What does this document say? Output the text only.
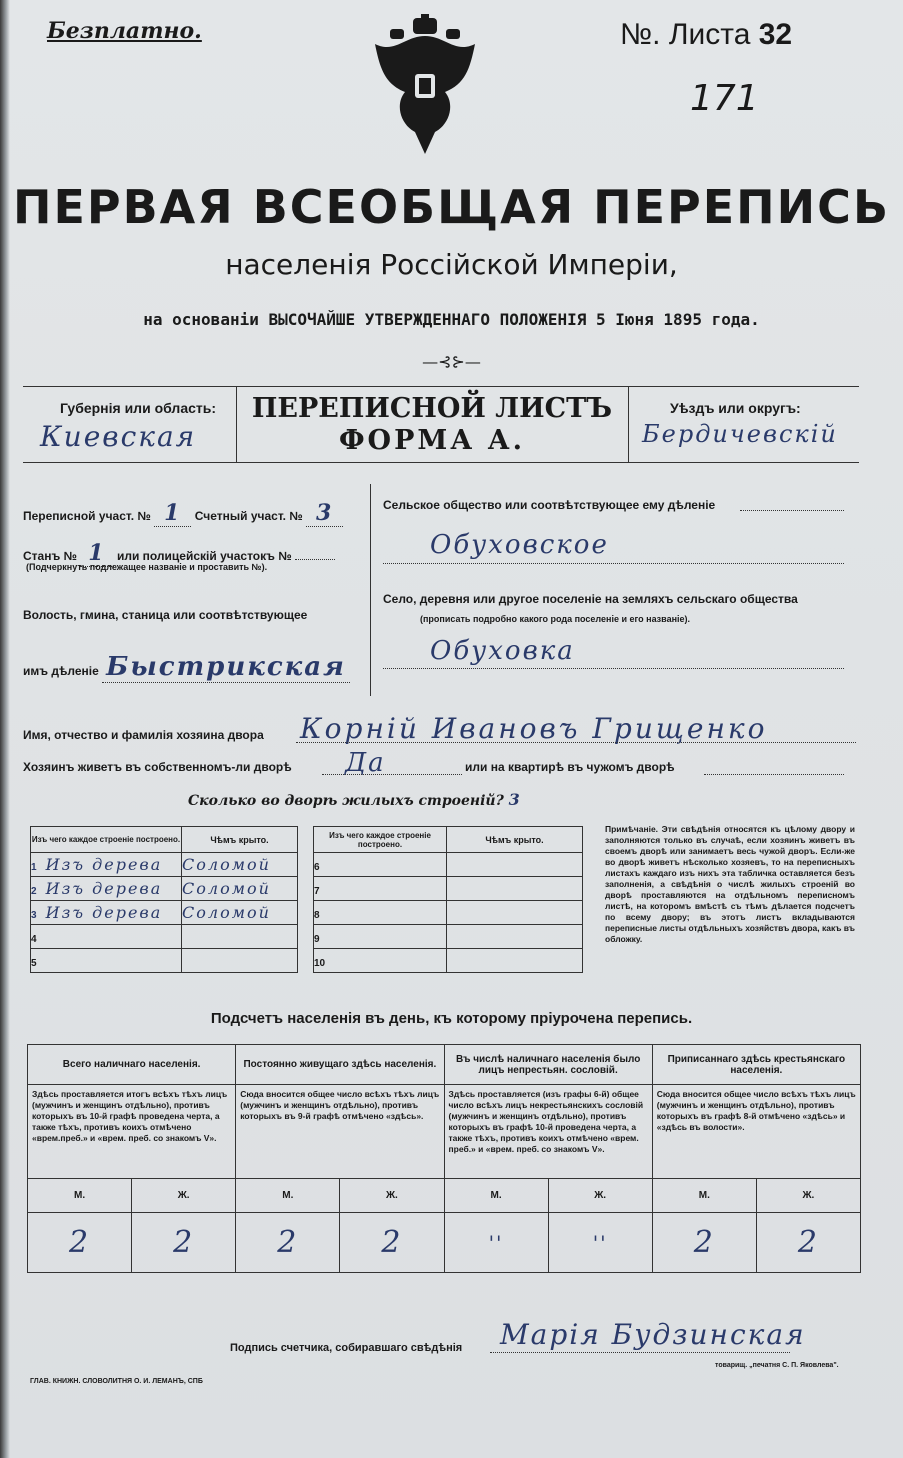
Безплатно.	№. Листа 32
171
ПЕРВАЯ ВСЕОБЩАЯ ПЕРЕПИСЬ
населенія Россійской Имперіи,
на основаніи ВЫСОЧАЙШЕ УТВЕРЖДЕННАГО ПОЛОЖЕНІЯ 5 Іюня 1895 года.
—⊰⊱—
Губернія или область:
Киевская
ПЕРЕПИСНОЙ ЛИСТЪ
ФОРМА А.
Уѣздъ или округъ:
Бердичевскій
Переписной участ. № 1 Счетный участ. № 3
Станъ № 1 или полицейскій участокъ №
(Подчеркнуть подлежащее названіе и проставить №).
Волость, гмина, станица или соотвѣтствующее
имъ дѣленіе Быстрикская
Сельское общество или соотвѣтствующее ему дѣленіе
Обуховское
Село, деревня или другое поселеніе на земляхъ сельскаго общества
(прописать подробно какого рода поселеніе и его названіе).
Обуховка
Имя, отчество и фамилія хозяина двора Корній Ивановъ Грищенко
Хозяинъ живетъ въ собственномъ-ли дворѣ Да	или на квартирѣ въ чужомъ дворѣ
Сколько во дворѣ жилыхъ строеній? 3
Изъ чего каждое строеніе построено.	Чѣмъ крыто.
1 Изъ дерева	Соломой
2 Изъ дерева	Соломой
3 Изъ дерева	Соломой
4	
5	
Изъ чего каждое строеніе построено.	Чѣмъ крыто.
6	
7	
8	
9	
10	
Примѣчаніе. Эти свѣдѣнія относятся къ цѣлому двору и заполняются только въ случаѣ, если хозяинъ живетъ въ своемъ дворѣ или занимаетъ весь чужой дворъ. Если-же во дворѣ живетъ нѣсколько хозяевъ, то на переписныхъ листахъ каждаго изъ нихъ эта табличка оставляется безъ заполненія, а свѣдѣнія о числѣ жилыхъ строеній во дворѣ проставляются на отдѣльномъ переписномъ листѣ, на которомъ вмѣстѣ съ тѣмъ дѣлается подсчетъ по всему двору; въ этотъ листъ вкладываются переписные листы отдѣльныхъ хозяйствъ двора, какъ въ обложку.
Подсчетъ населенія въ день, къ которому пріурочена перепись.
Всего наличнаго населенія.		Постоянно живущаго здѣсь населенія.		Въ числѣ наличнаго населенія было лицъ непрестьян. сословій.		Приписаннаго здѣсь крестьянскаго населенія.	
Здѣсь проставляется итогъ всѣхъ тѣхъ лицъ (мужчинъ и женщинъ отдѣльно), противъ которыхъ въ 10-й графѣ проведена черта, а также тѣхъ, противъ коихъ отмѣчено «врем.преб.» и «врем. преб. со знакомъ V».		Сюда вносится общее число всѣхъ тѣхъ лицъ (мужчинъ и женщинъ отдѣльно), противъ которыхъ въ 9-й графѣ отмѣчено «здѣсь».		Здѣсь проставляется (изъ графы 6-й) общее число всѣхъ лицъ некрестьянскихъ сословій (мужчинъ и женщинъ отдѣльно), противъ которыхъ въ графѣ 10-й проведена черта, а также тѣхъ, противъ коихъ отмѣчено «врем. преб.» и «врем. преб. со знакомъ V».		Сюда вносится общее число всѣхъ тѣхъ лицъ (мужчинъ и женщинъ отдѣльно), противъ которыхъ въ графѣ 8-й отмѣчено «здѣсь» и «здѣсь въ волости».	
М.	Ж.	М.	Ж.	М.	Ж.	М.	Ж.
2	2	2	2	''	''	2	2
Подпись счетчика, собиравшаго свѣдѣнія Марія Будзинская
ГЛАВ. КНИЖН. СЛОВОЛИТНЯ О. И. ЛЕМАНЪ, СПБ
товарищ. „печатня С. П. Яковлева".
